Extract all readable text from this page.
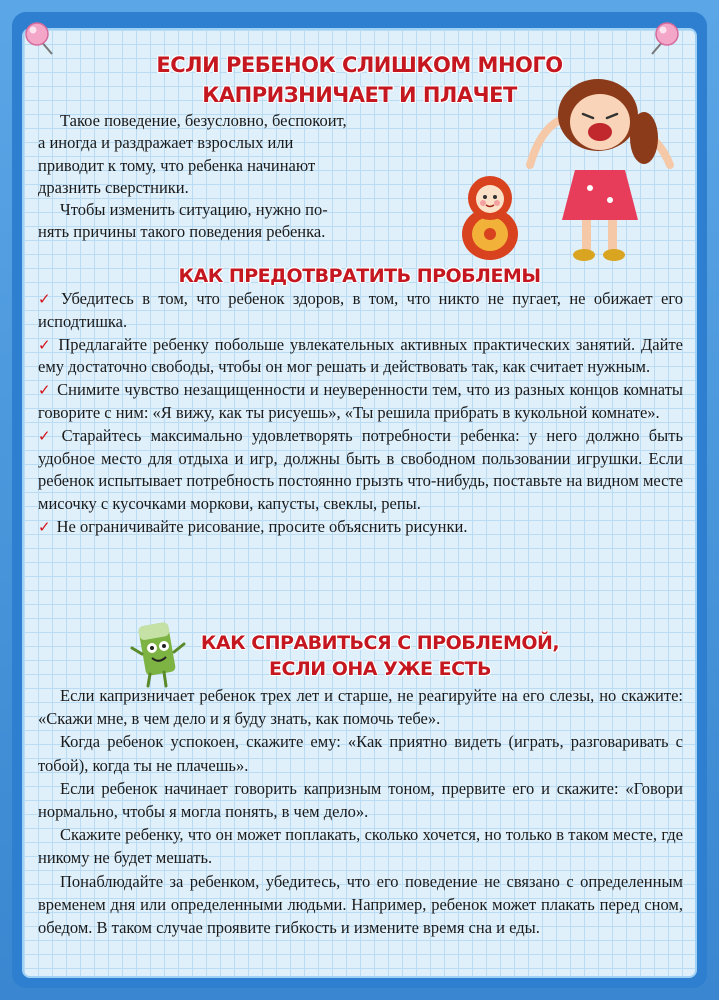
ЕСЛИ РЕБЕНОК СЛИШКОМ МНОГО
КАПРИЗНИЧАЕТ И ПЛАЧЕТ

Такое поведение, безусловно, беспокоит,

а иногда и раздражает взрослых или

приводит к тому, что ребенка начинают

дразнить сверстники.

Чтобы изменить ситуацию, нужно по-

нять причины такого поведения ребенка.

КАК ПРЕДОТВРАТИТЬ ПРОБЛЕМЫ

✓ Убедитесь в том, что ребенок здоров, в том, что никто не пугает, не обижает его исподтишка.

✓ Предлагайте ребенку побольше увлекательных активных практических занятий. Дайте ему достаточно свободы, чтобы он мог решать и действовать так, как считает нужным.

✓ Снимите чувство незащищенности и неуверенности тем, что из разных концов комнаты говорите с ним: «Я вижу, как ты рисуешь», «Ты решила прибрать в кукольной комнате».

✓ Старайтесь максимально удовлетворять потребности ребенка: у него должно быть удобное место для отдыха и игр, должны быть в свободном пользовании игрушки. Если ребенок испытывает потребность постоянно грызть что-нибудь, поставьте на видном месте мисочку с кусочками моркови, капусты, свеклы, репы.

✓ Не ограничивайте рисование, просите объяснить рисунки.

КАК СПРАВИТЬСЯ С ПРОБЛЕМОЙ,
ЕСЛИ ОНА УЖЕ ЕСТЬ

Если капризничает ребенок трех лет и старше, не реагируйте на его слезы, но скажите: «Скажи мне, в чем дело и я буду знать, как помочь тебе».

Когда ребенок успокоен, скажите ему: «Как приятно видеть (играть, разговаривать с тобой), когда ты не плачешь».

Если ребенок начинает говорить капризным тоном, прервите его и скажите: «Говори нормально, чтобы я могла понять, в чем дело».

Скажите ребенку, что он может поплакать, сколько хочется, но только в таком месте, где никому не будет мешать.

Понаблюдайте за ребенком, убедитесь, что его поведение не связано с определенным временем дня или определенными людьми. Например, ребенок может плакать перед сном, обедом. В таком случае проявите гибкость и измените время сна и еды.
